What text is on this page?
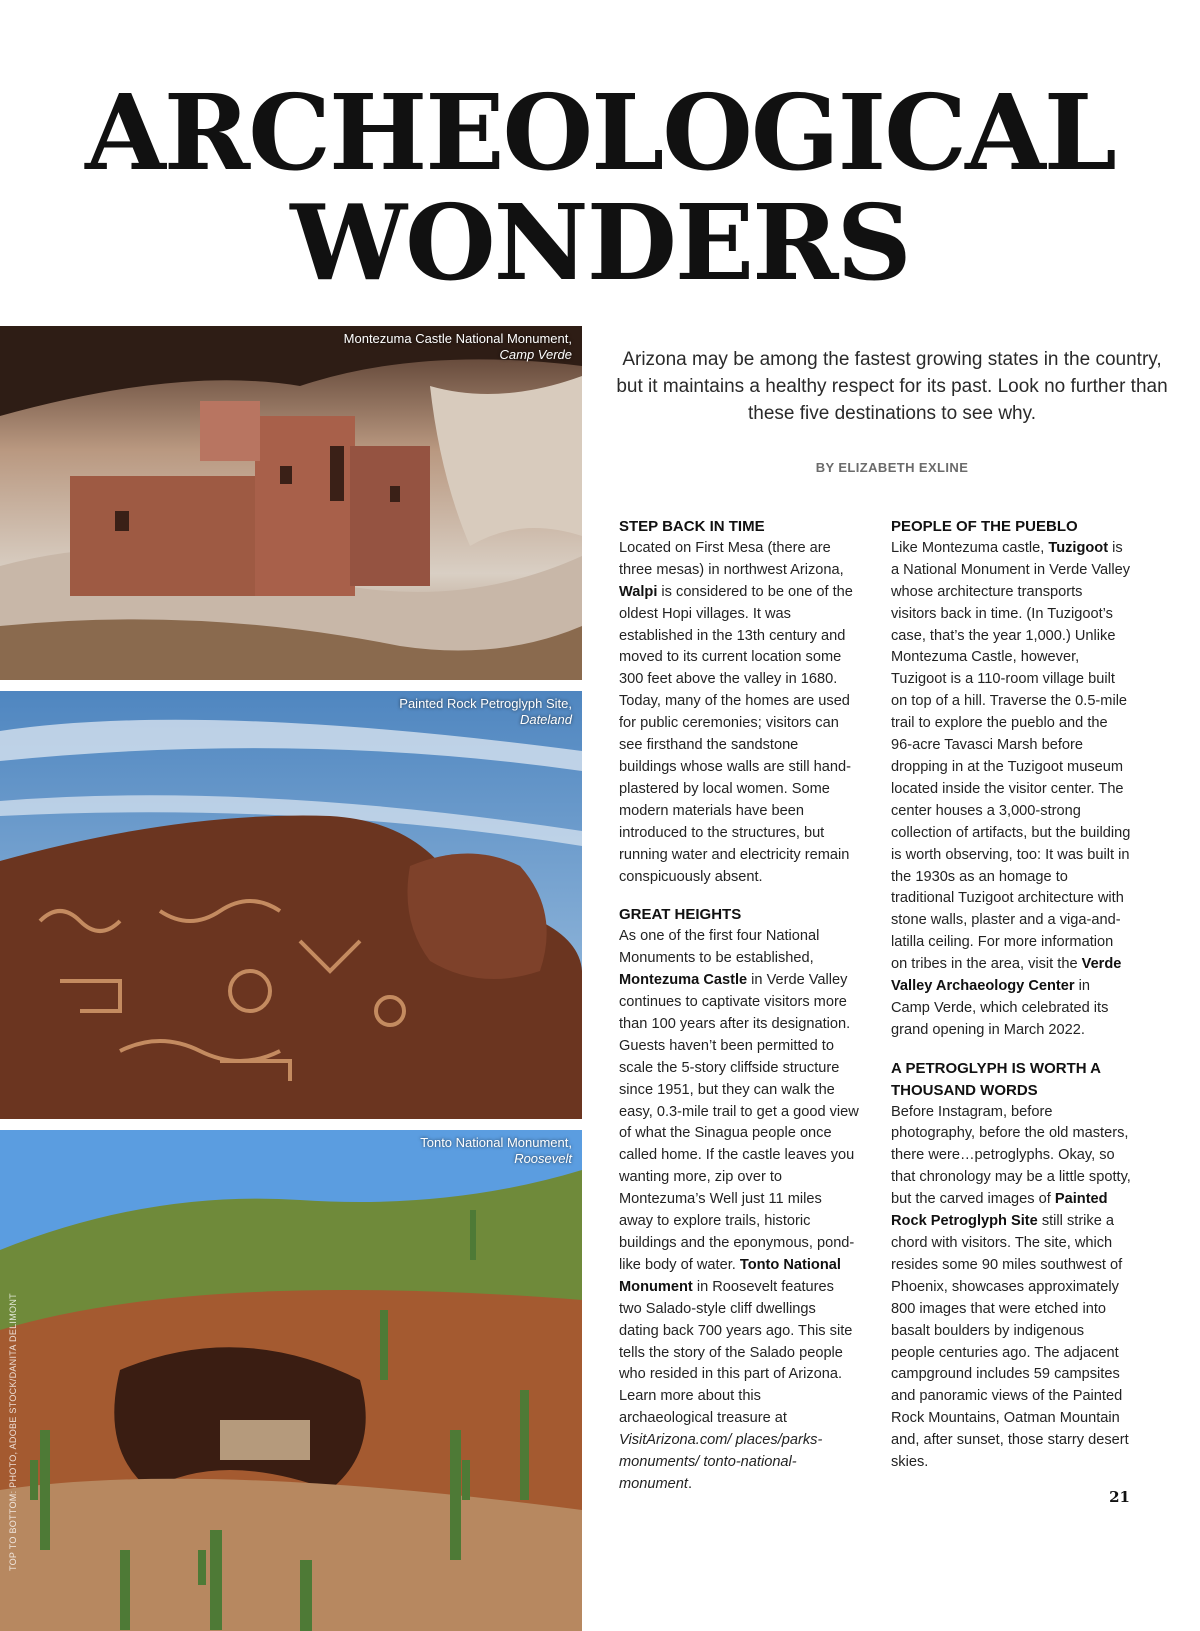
ARCHEOLOGICAL
WONDERS
Montezuma Castle National Monument,
Camp Verde
Painted Rock Petroglyph Site,
Dateland
Tonto National Monument,
Roosevelt
TOP TO BOTTOM: PHOTO, ADOBE STOCK/DANITA DELIMONT

Arizona may be among the fastest growing states in the country, but it maintains a healthy respect for its past. Look no further than these five destinations to see why.

BY ELIZABETH EXLINE

STEP BACK IN TIME

Located on First Mesa (there are three mesas) in northwest Arizona, Walpi is considered to be one of the oldest Hopi villages. It was established in the 13th century and moved to its current location some 300 feet above the valley in 1680. Today, many of the homes are used for public ceremonies; visitors can see firsthand the sandstone buildings whose walls are still hand-plastered by local women. Some modern materials have been introduced to the structures, but running water and electricity remain conspicuously absent.

GREAT HEIGHTS

As one of the first four National Monuments to be established, Montezuma Castle in Verde Valley continues to captivate visitors more than 100 years after its designation. Guests haven’t been permitted to scale the 5-story cliffside structure since 1951, but they can walk the easy, 0.3-mile trail to get a good view of what the Sinagua people once called home. If the castle leaves you wanting more, zip over to Montezuma’s Well just 11 miles away to explore trails, historic buildings and the eponymous, pond-like body of water. Tonto National Monument in Roosevelt features two Salado-style cliff dwellings dating back 700 years ago. This site tells the story of the Salado people who resided in this part of Arizona. Learn more about this archaeological treasure at VisitArizona.com/ places/parks-monuments/ tonto-national-monument.

PEOPLE OF THE PUEBLO

Like Montezuma castle, Tuzigoot is a National Monument in Verde Valley whose architecture transports visitors back in time. (In Tuzigoot’s case, that’s the year 1,000.) Unlike Montezuma Castle, however, Tuzigoot is a 110-room village built on top of a hill. Traverse the 0.5-mile trail to explore the pueblo and the 96-acre Tavasci Marsh before dropping in at the Tuzigoot museum located inside the visitor center. The center houses a 3,000-strong collection of artifacts, but the building is worth observing, too: It was built in the 1930s as an homage to traditional Tuzigoot architecture with stone walls, plaster and a viga-and-latilla ceiling. For more information on tribes in the area, visit the Verde Valley Archaeology Center in Camp Verde, which celebrated its grand opening in March 2022.

A PETROGLYPH IS WORTH A THOUSAND WORDS

Before Instagram, before photography, before the old masters, there were…petroglyphs. Okay, so that chronology may be a little spotty, but the carved images of Painted Rock Petroglyph Site still strike a chord with visitors. The site, which resides some 90 miles southwest of Phoenix, showcases approximately 800 images that were etched into basalt boulders by indigenous people centuries ago. The adjacent campground includes 59 campsites and panoramic views of the Painted Rock Mountains, Oatman Mountain and, after sunset, those starry desert skies.

21
